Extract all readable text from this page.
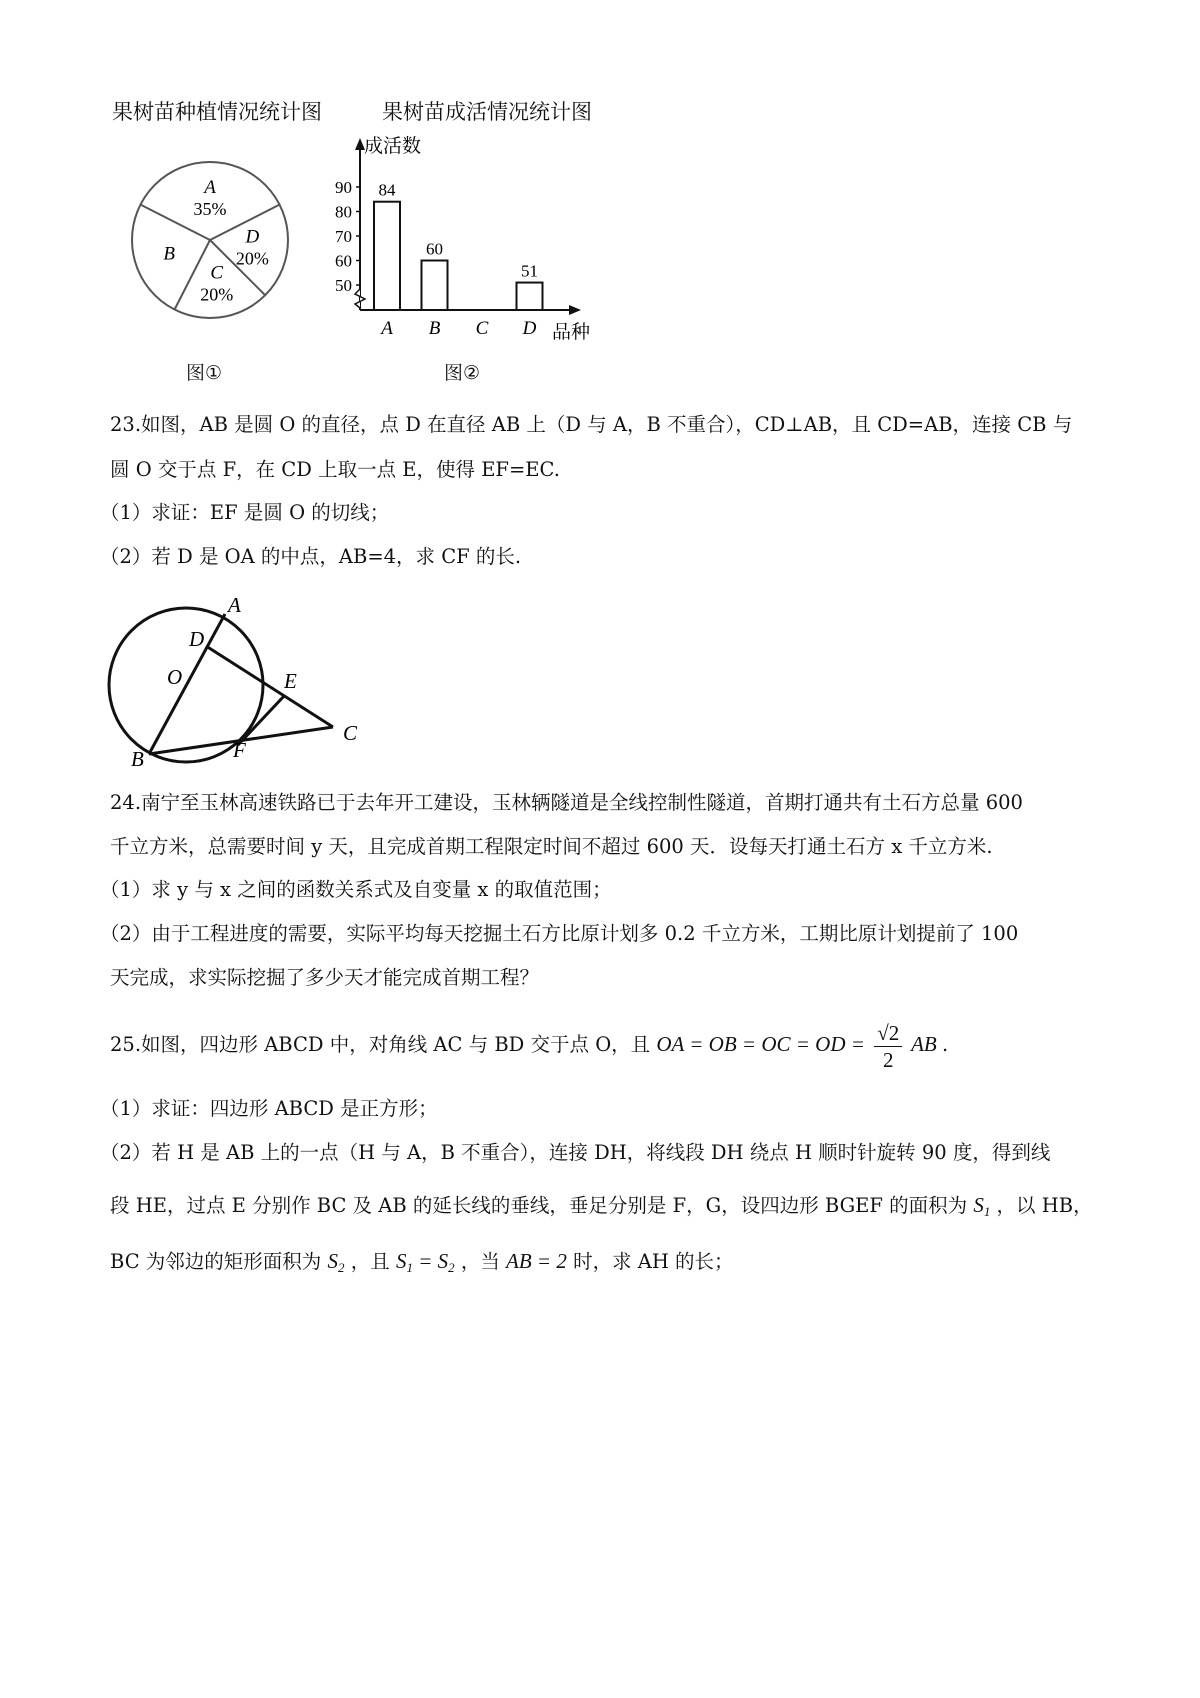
果树苗种植情况统计图	果树苗成活情况统计图
A
35%
D
20%
C
20%
B
成活数
50
60
70
80
90 84
A
60
B C
51
D 品种
图①	图②
23.如图，AB 是圆 O 的直径，点 D 在直径 AB 上（D 与 A，B 不重合），CD⊥AB，且 CD=AB，连接 CB 与
圆 O 交于点 F，在 CD 上取一点 E，使得 EF=EC.
（1）求证：EF 是圆 O 的切线；
（2）若 D 是 OA 的中点，AB=4，求 CF 的长.
A
D
O	E
C
B	F
24.南宁至玉林高速铁路已于去年开工建设，玉林辆隧道是全线控制性隧道，首期打通共有土石方总量 600
千立方米，总需要时间 y 天，且完成首期工程限定时间不超过 600 天．设每天打通土石方 x 千立方米.
（1）求 y 与 x 之间的函数关系式及自变量 x 的取值范围；
（2）由于工程进度的需要，实际平均每天挖掘土石方比原计划多 0.2 千立方米，工期比原计划提前了 100
天完成，求实际挖掘了多少天才能完成首期工程？
25.如图，四边形 ABCD 中，对角线 AC 与 BD 交于点 O，且 OA = OB = OC = OD = $\frac{√2}{2}$ AB .
（1）求证：四边形 ABCD 是正方形；
（2）若 H 是 AB 上的一点（H 与 A，B 不重合），连接 DH，将线段 DH 绕点 H 顺时针旋转 90 度，得到线
段 HE，过点 E 分别作 BC 及 AB 的延长线的垂线，垂足分别是 F，G，设四边形 BGEF 的面积为 $S_1$ ，以 HB，
BC 为邻边的矩形面积为 $S_2$ ，且 $S_1 = S_2$ ，当 AB = 2 时，求 AH 的长；
